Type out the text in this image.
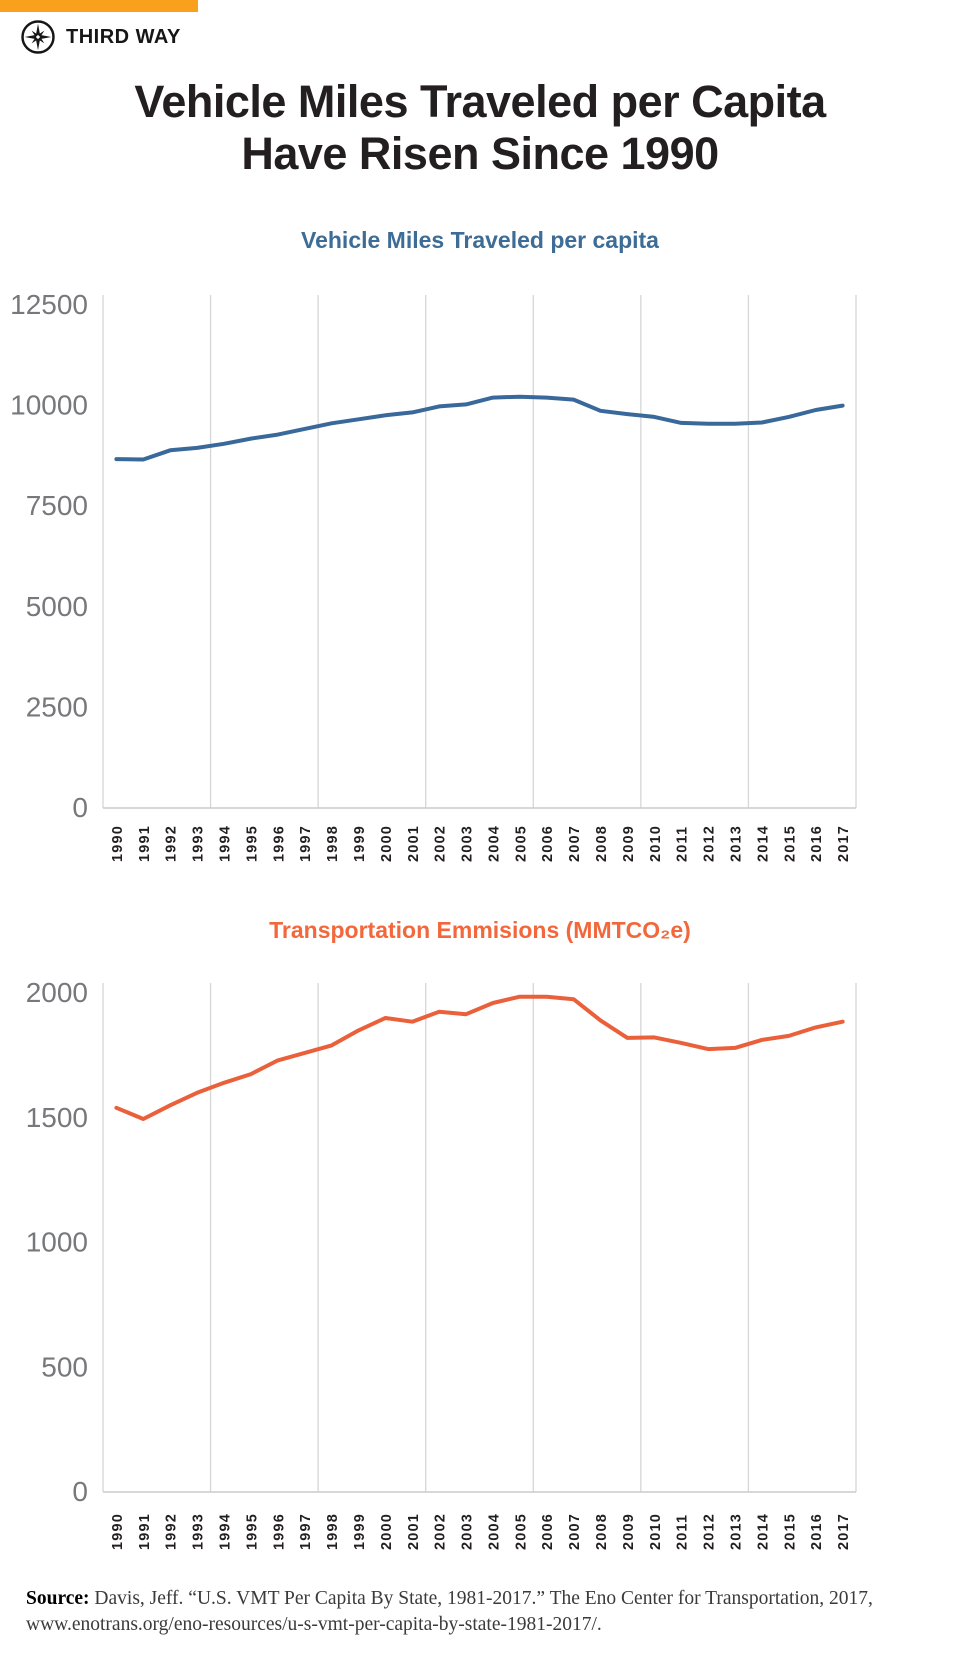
THIRD WAY
Vehicle Miles Traveled per Capita
Have Risen Since 1990
Vehicle Miles Traveled per capita
Transportation Emmisions (MMTCO₂e)
0
2500
5000
7500
10000
12500
1990 1991 1992 1993 1994 1995 1996 1997 1998 1999 2000 2001 2002 2003 2004 2005 2006 2007 2008 2009 2010 2011 2012 2013 2014 2015 2016 2017
0
500
1000
1500
2000
1990 1991 1992 1993 1994 1995 1996 1997 1998 1999 2000 2001 2002 2003 2004 2005 2006 2007 2008 2009 2010 2011 2012 2013 2014 2015 2016 2017

Source: Davis, Jeff. “U.S. VMT Per Capita By State, 1981-2017.” The Eno Center for Transportation, 2017,
www.enotrans.org/eno-resources/u-s-vmt-per-capita-by-state-1981-2017/.
